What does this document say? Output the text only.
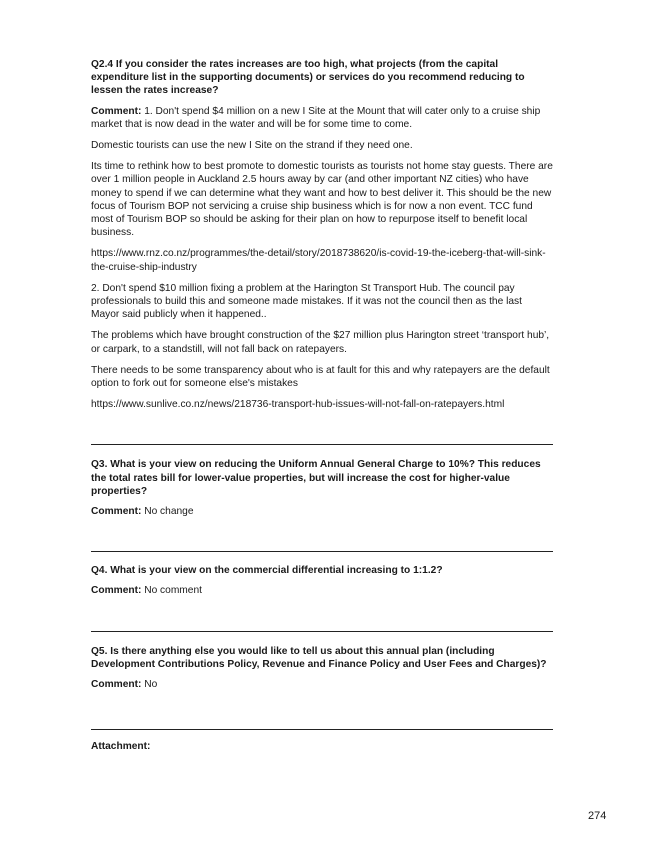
Q2.4 If you consider the rates increases are too high, what projects (from the capital expenditure list in the supporting documents) or services do you recommend reducing to lessen the rates increase?
Comment: 1. Don't spend $4 million on a new I Site at the Mount that will cater only to a cruise ship market that is now dead in the water and will be for some time to come.
Domestic tourists can use the new I Site on the strand if they need one.
Its time to rethink how to best promote to domestic tourists as tourists not home stay guests. There are over 1 million people in Auckland 2.5 hours away by car (and other important NZ cities) who have money to spend if we can determine what they want and how to best deliver it. This should be the new focus of Tourism BOP not servicing a cruise ship business which is for now a non event. TCC fund most of Tourism BOP so should be asking for their plan on how to repurpose itself to benefit local business.
https://www.rnz.co.nz/programmes/the-detail/story/2018738620/is-covid-19-the-iceberg-that-will-sink-the-cruise-ship-industry
2. Don't spend $10 million fixing a problem at the Harington St Transport Hub. The council pay professionals to build this and someone made mistakes. If it was not the council then as the last Mayor said publicly when it happened..
The problems which have brought construction of the $27 million plus Harington street ‘transport hub’, or carpark, to a standstill, will not fall back on ratepayers.
There needs to be some transparency about who is at fault for this and why ratepayers are the default option to fork out for someone else's mistakes
https://www.sunlive.co.nz/news/218736-transport-hub-issues-will-not-fall-on-ratepayers.html
Q3. What is your view on reducing the Uniform Annual General Charge to 10%? This reduces the total rates bill for lower-value properties, but will increase the cost for higher-value properties?
Comment: No change
Q4. What is your view on the commercial differential increasing to 1:1.2?
Comment: No comment
Q5. Is there anything else you would like to tell us about this annual plan (including Development Contributions Policy, Revenue and Finance Policy and User Fees and Charges)?
Comment: No
Attachment:
274
